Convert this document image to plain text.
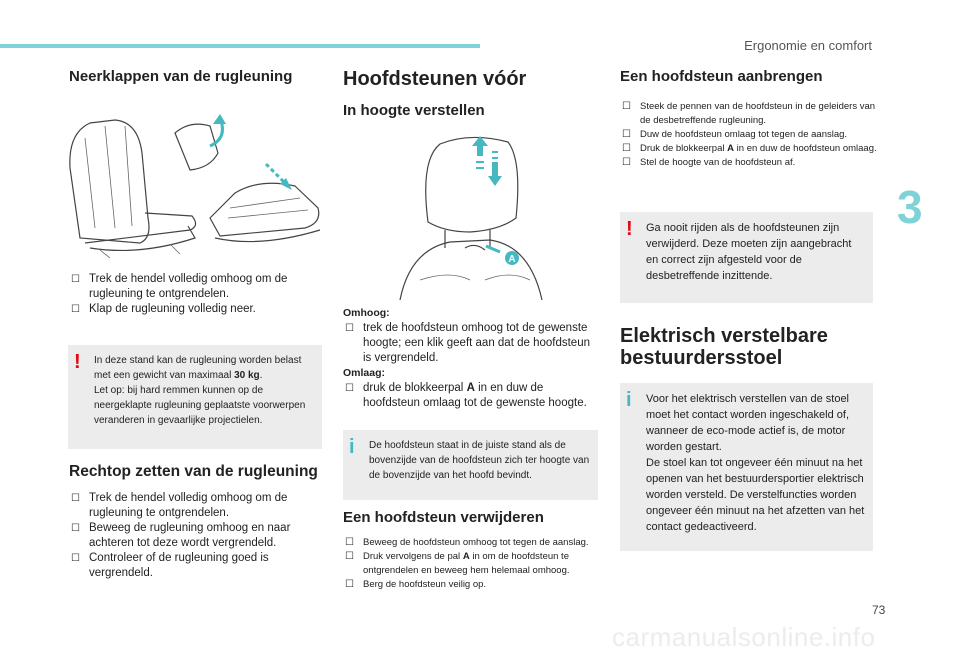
Ergonomie en comfort
3
73
carmanualsonline.info
Neerklappen van de rugleuning
☐ Trek de hendel volledig omhoog om de rugleuning te ontgrendelen.
☐ Klap de rugleuning volledig neer.
! In deze stand kan de rugleuning worden belast met een gewicht van maximaal 30 kg.
Let op: bij hard remmen kunnen op de neergeklapte rugleuning geplaatste voorwerpen veranderen in gevaarlijke projectielen.
Rechtop zetten van de rugleuning
☐ Trek de hendel volledig omhoog om de rugleuning te ontgrendelen.
☐ Beweeg de rugleuning omhoog en naar achteren tot deze wordt vergrendeld.
☐ Controleer of de rugleuning goed is vergrendeld.
Hoofdsteunen vóór
In hoogte verstellen
A
Omhoog:
☐ trek de hoofdsteun omhoog tot de gewenste hoogte; een klik geeft aan dat de hoofdsteun is vergrendeld.
Omlaag:
☐ druk de blokkeerpal A in en duw de hoofdsteun omlaag tot de gewenste hoogte.
i De hoofdsteun staat in de juiste stand als de bovenzijde van de hoofdsteun zich ter hoogte van de bovenzijde van het hoofd bevindt.
Een hoofdsteun verwijderen
☐ Beweeg de hoofdsteun omhoog tot tegen de aanslag.
☐ Druk vervolgens de pal A in om de hoofdsteun te ontgrendelen en beweeg hem helemaal omhoog.
☐ Berg de hoofdsteun veilig op.
Een hoofdsteun aanbrengen
☐ Steek de pennen van de hoofdsteun in de geleiders van de desbetreffende rugleuning.
☐ Duw de hoofdsteun omlaag tot tegen de aanslag.
☐ Druk de blokkeerpal A in en duw de hoofdsteun omlaag.
☐ Stel de hoogte van de hoofdsteun af.
! Ga nooit rijden als de hoofdsteunen zijn verwijderd. Deze moeten zijn aangebracht en correct zijn afgesteld voor de desbetreffende inzittende.
Elektrisch verstelbare bestuurdersstoel
i Voor het elektrisch verstellen van de stoel moet het contact worden ingeschakeld of, wanneer de eco-mode actief is, de motor worden gestart.
De stoel kan tot ongeveer één minuut na het openen van het bestuurdersportier elektrisch worden versteld. De verstelfuncties worden ongeveer één minuut na het afzetten van het contact gedeactiveerd.
